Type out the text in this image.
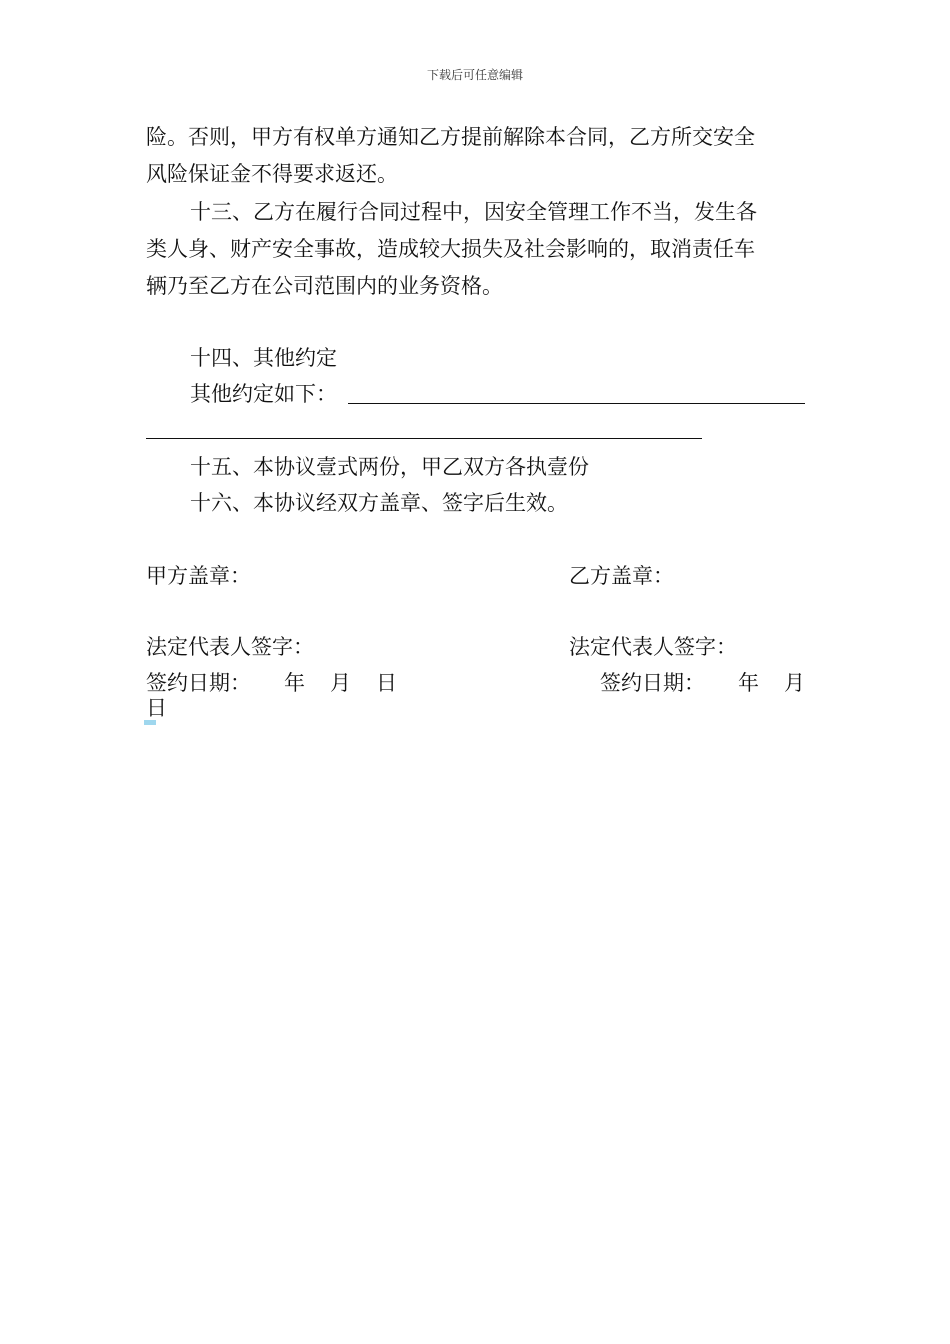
下载后可任意编辑
险。否则，甲方有权单方通知乙方提前解除本合同，乙方所交安全
风险保证金不得要求返还。
十三、乙方在履行合同过程中，因安全管理工作不当，发生各
类人身、财产安全事故，造成较大损失及社会影响的，取消责任车
辆乃至乙方在公司范围内的业务资格。
十四、其他约定
其他约定如下：
十五、本协议壹式两份，甲乙双方各执壹份
十六、本协议经双方盖章、签字后生效。
甲方盖章：	乙方盖章：
法定代表人签字：	法定代表人签字：
签约日期： 年 月 日	签约日期： 年 月
日
